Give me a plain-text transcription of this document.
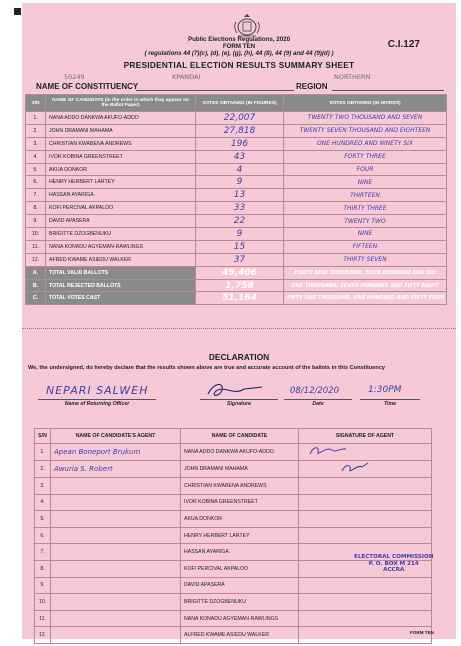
Public Elections Regulations, 2020
FORM TEN
( regulations 44 (7)(c), (d), (e), (g), (h), 44 (8), 44 (9) and 44 (9)(d) )
C.I.127
PRESIDENTIAL ELECTION RESULTS SUMMARY SHEET
50249	KPANDAI	NORTHERN
NAME OF CONSTITUENCY	REGION
S/N	NAME OF CANDIDATE (In the order in which they appear on the Ballot Paper)	VOTES OBTAINED (IN FIGURES)	VOTES OBTAINED (IN WORDS)
1.	NANA ADDO DANKWA AKUFO-ADDO	22,007	TWENTY TWO THOUSAND AND SEVEN
2.	JOHN DRAMANI MAHAMA	27,818	TWENTY SEVEN THOUSAND AND EIGHTEEN
3.	CHRISTIAN KWABENA ANDREWS	196	ONE HUNDRED AND NINETY SIX
4.	IVOR KOBINA GREENSTREET	43	FORTY THREE
5.	AKUA DONKOR	4	FOUR
6.	HENRY HERBERT LARTEY	9	NINE
7.	HASSAN AYARIGA	13	THIRTEEN
8.	KOFI PERCIVAL AKPALOO	33	THIRTY THREE
9.	DAVID APASERA	22	TWENTY TWO
10.	BRIGITTE DZOGBENUKU	9	NINE
11.	NANA KONADU AGYEMAN-RAWLINGS	15	FIFTEEN
12.	AFRED KWAME ASIEDU WALKER	37	THIRTY SEVEN
A.	TOTAL VALID BALLOTS	49,406	FORTY NINE THOUSAND, FOUR HUNDRED AND SIX
B.	TOTAL REJECTED BALLOTS	1,758	ONE THOUSAND, SEVEN HUNDRED AND FIFTY EIGHT
C.	TOTAL VOTES CAST	51,164	FIFTY ONE THOUSAND, ONE HUNDRED AND SIXTY FOUR
DECLARATION
We, the undersigned, do hereby declare that the results shown above are true and accurate account of the ballots in this Constituency
NEPARI SALWEH	08/12/2020	1:30PM
Name of Returning Officer	Signature	Date	Time
S/N	NAME OF CANDIDATE'S AGENT	NAME OF CANDIDATE	SIGNATURE OF AGENT
1.	Apean Boneport Brukum	NANA ADDO DANKWA AKUFO-ADDO	
2.	Awuria S. Robert	JOHN DRAMANI MAHAMA	
3.		CHRISTIAN KWABENA ANDREWS	
4.		IVOR KOBINA GREENSTREET	
5.		AKUA DONKOR	
6.		HENRY HERBERT LARTEY	
7.		HASSAN AYARIGA	
8.		KOFI PERCIVAL AKPALOO	
9.		DAVID APASERA	
10.		BRIGITTE DZOGBENUKU	
11.		NANA KONADU AGYEMAN-RAWLINGS	
12.		ALFRED KWAME ASIEDU WALKER	
ELECTORAL COMMISSION
P. O. BOX M 214
ACCRA
FORM TEN
